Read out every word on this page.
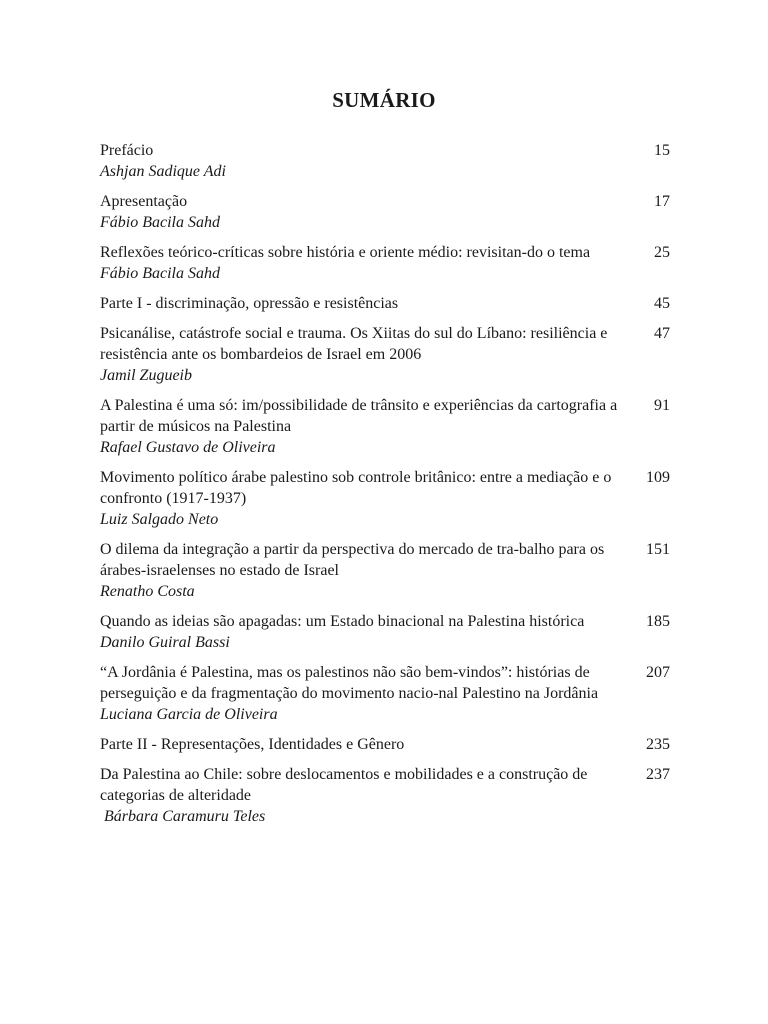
SUMÁRIO
Prefácio
Ashjan Sadique Adi
15
Apresentação
Fábio Bacila Sahd
17
Reflexões teórico-críticas sobre história e oriente médio: revisitan-do o tema
Fábio Bacila Sahd
25
Parte I - discriminação, opressão e resistências	45
Psicanálise, catástrofe social e trauma. Os Xiitas do sul do Líbano: resiliência e resistência ante os bombardeios de Israel em 2006
Jamil Zugueib
47
A Palestina é uma só: im/possibilidade de trânsito e experiências da cartografia a partir de músicos na Palestina
Rafael Gustavo de Oliveira
91
Movimento político árabe palestino sob controle britânico: entre a mediação e o confronto (1917-1937)
Luiz Salgado Neto
109
O dilema da integração a partir da perspectiva do mercado de tra-balho para os árabes-israelenses no estado de Israel
Renatho Costa
151
Quando as ideias são apagadas: um Estado binacional na Palestina histórica
Danilo Guiral Bassi
185
“A Jordânia é Palestina, mas os palestinos não são bem-vindos”: histórias de perseguição e da fragmentação do movimento nacio-nal Palestino na Jordânia
Luciana Garcia de Oliveira
207
Parte II - Representações, Identidades e Gênero	235
Da Palestina ao Chile: sobre deslocamentos e mobilidades e a construção de categorias de alteridade
Bárbara Caramuru Teles
237
